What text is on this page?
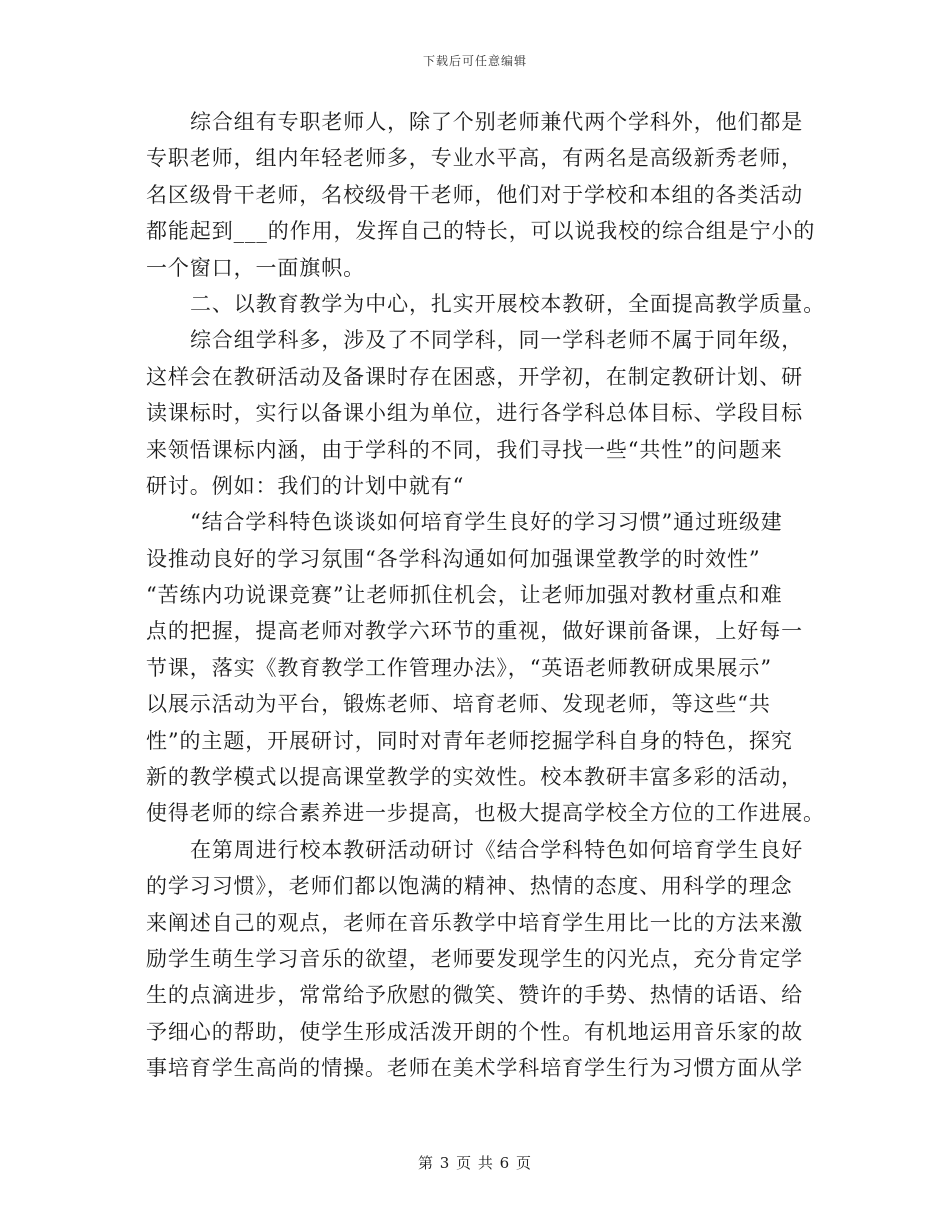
下载后可任意编辑
综合组有专职老师人，除了个别老师兼代两个学科外，他们都是
专职老师，组内年轻老师多，专业水平高，有两名是高级新秀老师，
名区级骨干老师，名校级骨干老师，他们对于学校和本组的各类活动
都能起到___的作用，发挥自己的特长，可以说我校的综合组是宁小的
一个窗口，一面旗帜。
二、以教育教学为中心，扎实开展校本教研，全面提高教学质量。
综合组学科多，涉及了不同学科，同一学科老师不属于同年级，
这样会在教研活动及备课时存在困惑，开学初，在制定教研计划、研
读课标时，实行以备课小组为单位，进行各学科总体目标、学段目标
来领悟课标内涵，由于学科的不同，我们寻找一些“共性”的问题来
研讨。例如：我们的计划中就有“
“结合学科特色谈谈如何培育学生良好的学习习惯”通过班级建
设推动良好的学习氛围“各学科沟通如何加强课堂教学的时效性”
“苦练内功说课竞赛”让老师抓住机会，让老师加强对教材重点和难
点的把握，提高老师对教学六环节的重视，做好课前备课，上好每一
节课，落实《教育教学工作管理办法》，“英语老师教研成果展示”
以展示活动为平台，锻炼老师、培育老师、发现老师，等这些“共
性”的主题，开展研讨，同时对青年老师挖掘学科自身的特色，探究
新的教学模式以提高课堂教学的实效性。校本教研丰富多彩的活动，
使得老师的综合素养进一步提高，也极大提高学校全方位的工作进展。
在第周进行校本教研活动研讨《结合学科特色如何培育学生良好
的学习习惯》，老师们都以饱满的精神、热情的态度、用科学的理念
来阐述自己的观点，老师在音乐教学中培育学生用比一比的方法来激
励学生萌生学习音乐的欲望，老师要发现学生的闪光点，充分肯定学
生的点滴进步，常常给予欣慰的微笑、赞许的手势、热情的话语、给
予细心的帮助，使学生形成活泼开朗的个性。有机地运用音乐家的故
事培育学生高尚的情操。老师在美术学科培育学生行为习惯方面从学
第 3 页 共 6 页
